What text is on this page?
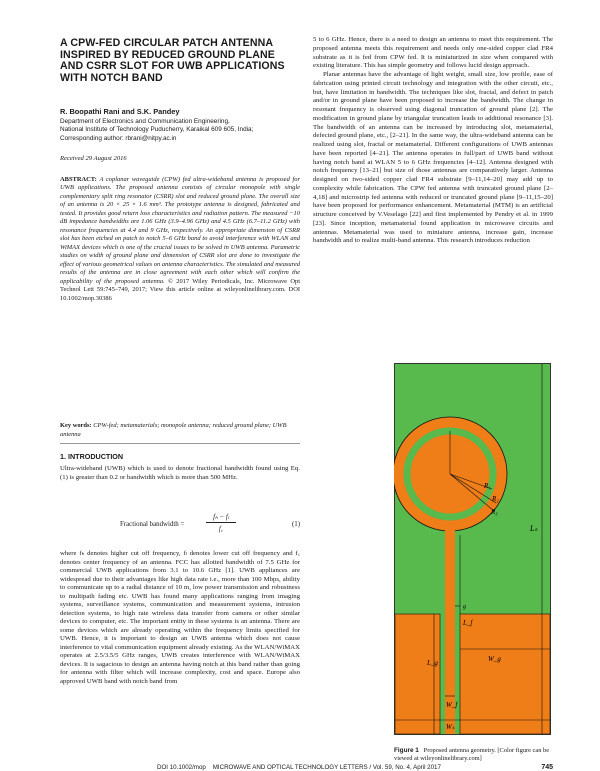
A CPW-FED CIRCULAR PATCH ANTENNA INSPIRED BY REDUCED GROUND PLANE AND CSRR SLOT FOR UWB APPLICATIONS WITH NOTCH BAND
R. Boopathi Rani and S.K. Pandey
Department of Electronics and Communication Engineering,
National Institute of Technology Puducherry, Karaikal 609 605, India;
Corresponding author: rbrani@nitpy.ac.in
Received 29 August 2016
ABSTRACT: A coplanar waveguide (CPW) fed ultra-wideband antenna is proposed for UWB applications. The proposed antenna consists of circular monopole with single complementary split ring resonator (CSRR) slot and reduced ground plane. The overall size of an antenna is 20 × 25 × 1.6 mm³. The prototype antenna is designed, fabricated and tested. It provides good return loss characteristics and radiation pattern. The measured −10 dB impedance bandwidths are 1.06 GHz (3.9–4.96 GHz) and 4.5 GHz (6.7–11.2 GHz) with resonance frequencies at 4.4 and 9 GHz, respectively. An appropriate dimension of CSRR slot has been etched on patch to notch 5–6 GHz band to avoid interference with WLAN and WiMAX devices which is one of the crucial issues to be solved in UWB antenna. Parametric studies on width of ground plane and dimension of CSRR slot are done to investigate the effect of various geometrical values on antenna characteristics. The simulated and measured results of the antenna are in close agreement with each other which will confirm the applicability of the proposed antenna. © 2017 Wiley Periodicals, Inc. Microwave Opt Technol Lett 59:745–749, 2017; View this article online at wileyonlinelibrary.com. DOI 10.1002/mop.30386
Key words: CPW-fed; metamaterials; monopole antenna; reduced ground plane; UWB antenna
1. INTRODUCTION
Ultra-wideband (UWB) which is used to denote fractional bandwidth found using Eq. (1) is greater than 0.2 or bandwidth which is more than 500 MHz.
Fractional bandwidth =	$\frac{\text{fₕ − fₗ}}{f꜀}$	(1)
where fₕ denotes higher cut off frequency, fₗ denotes lower cut off frequency and f꜀ denotes center frequency of an antenna. FCC has allotted bandwidth of 7.5 GHz for commercial UWB applications from 3.1 to 10.6 GHz [1]. UWB appliances are widespread due to their advantages like high data rate i.e., more than 100 Mbps, ability to communicate up to a radial distance of 10 m, low power transmission and robustness to multipath fading etc. UWB has found many applications ranging from imaging systems, surveillance systems, communication and measurement systems, intrusion detection systems, to high rate wireless data transfer from camera or other similar devices to computer, etc. The important entity in these systems is an antenna. There are some devices which are already operating within the frequency limits specified for UWB. Hence, it is important to design an UWB antenna which does not cause interference to vital communication equipment already existing. As the WLAN/WiMAX operates at 2.5/3.5/5 GHz ranges, UWB creates interference with WLAN/WiMAX devices. It is sagacious to design an antenna having notch at this band rather than going for antenna with filter which will increase complexity, cost and space. Europe also approved UWB band with notch band from

5 to 6 GHz. Hence, there is a need to design an antenna to meet this requirement. The proposed antenna meets this requirement and needs only one-sided copper clad FR4 substrate as it is fed from CPW fed. It is miniaturized in size when compared with existing literature. This has simple geometry and follows lucid design approach.

Planar antennas have the advantage of light weight, small size, low profile, ease of fabrication using printed circuit technology and integration with the other circuit, etc., but, have limitation in bandwidth. The techniques like slot, fractal, and defect in patch and/or in ground plane have been proposed to increase the bandwidth. The change in resonant frequency is observed using diagonal truncation of ground plane [2]. The modification in ground plane by triangular truncation leads to additional resonance [3]. The bandwidth of an antenna can be increased by introducing slot, metamaterial, defected ground plane, etc., [2–21]. In the same way, the ultra-wideband antenna can be realized using slot, fractal or metamaterial. Different configurations of UWB antennas have been reported [4–21]. The antenna operates in full/part of UWB band without having notch band at WLAN 5 to 6 GHz frequencies [4–12]. Antenna designed with notch frequency [13–21] but size of those antennas are comparatively larger. Antenna designed on two-sided copper clad FR4 substrate [9–11,14–20] may add up to complexity while fabrication. The CPW fed antenna with truncated ground plane [2–4,18] and microstrip fed antenna with reduced or truncated ground plane [9–11,15–20] have been proposed for performance enhancement. Metamaterial (MTM) is an artificial structure conceived by V.Veselago [22] and first implemented by Pendry et al. in 1999 [23]. Since inception, metamaterial found application in microwave circuits and antennas. Metamaterial was used to miniature antenna, increase gain, increase bandwidth and to realize multi-band antenna. This research introduces reduction

R₁
R₂
R₃
Lₛ
L_g
L_f
g
W_g
W_f
Wₛ
Figure 1 Proposed antenna geometry. [Color figure can be viewed at wileyonlinelibrary.com]
DOI 10.1002/mop MICROWAVE AND OPTICAL TECHNOLOGY LETTERS / Vol. 59, No. 4, April 2017	745
